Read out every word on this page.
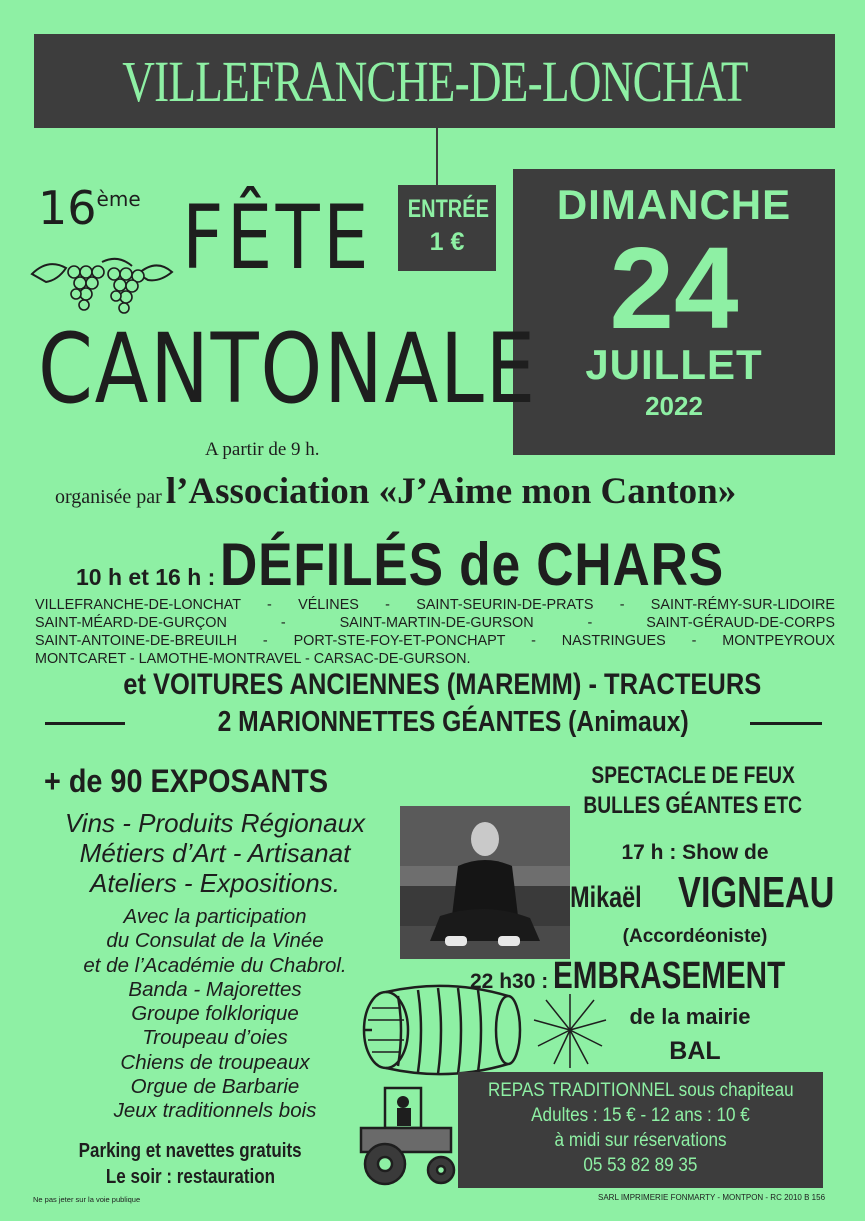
VILLEFRANCHE-DE-LONCHAT
ENTRÉE
1 €
DIMANCHE
24
JUILLET
2022
16ème FÊTE
CANTONALE
A partir de 9 h.
organisée par l’Association «J’Aime mon Canton»
10 h et 16 h : DÉFILÉS de CHARS
VILLEFRANCHE-DE-LONCHAT - VÉLINES - SAINT-SEURIN-DE-PRATS - SAINT-RÉMY-SUR-LIDOIRE
SAINT-MÉARD-DE-GURÇON - SAINT-MARTIN-DE-GURSON - SAINT-GÉRAUD-DE-CORPS
SAINT-ANTOINE-DE-BREUILH - PORT-STE-FOY-ET-PONCHAPT - NASTRINGUES - MONTPEYROUX
MONTCARET - LAMOTHE-MONTRAVEL - CARSAC-DE-GURSON.
et VOITURES ANCIENNES (MAREMM) - TRACTEURS
2 MARIONNETTES GÉANTES (Animaux)
+ de 90 EXPOSANTS
Vins - Produits Régionaux
Métiers d’Art - Artisanat
Ateliers - Expositions.
Avec la participation
du Consulat de la Vinée
et de l’Académie du Chabrol.
Banda - Majorettes
Groupe folklorique
Troupeau d’oies
Chiens de troupeaux
Orgue de Barbarie
Jeux traditionnels bois
Parking et navettes gratuits
Le soir : restauration
SPECTACLE DE FEUX
BULLES GÉANTES ETC
17 h : Show de
Mikaël VIGNEAU
(Accordéoniste)
22 h30 : EMBRASEMENT
de la mairie
BAL
REPAS TRADITIONNEL sous chapiteau
Adultes : 15 € - 12 ans : 10 €
à midi sur réservations
05 53 82 89 35
Ne pas jeter sur la voie publique	SARL IMPRIMERIE FONMARTY - MONTPON - RC 2010 B 156
